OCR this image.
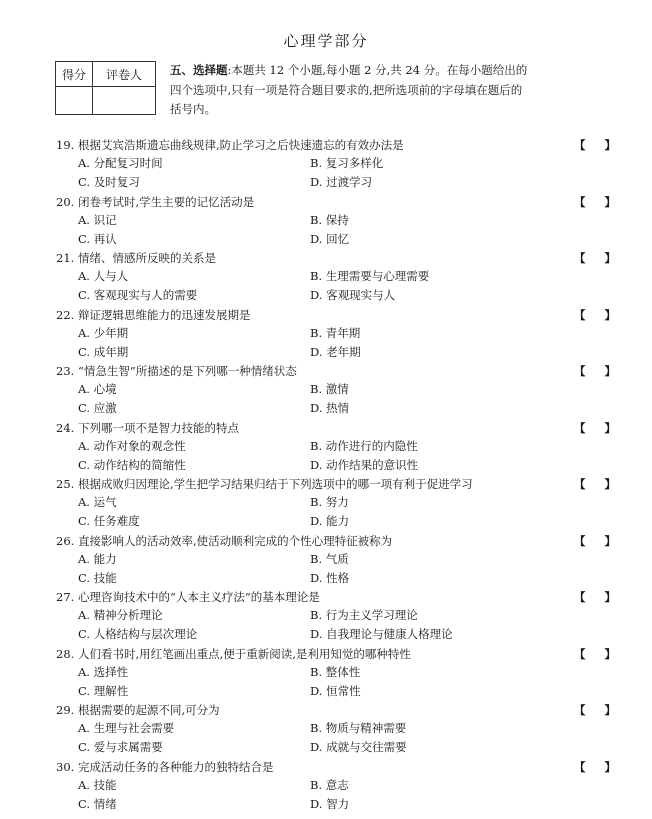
心理学部分
得分	评卷人
	五、选择题:本题共 12 个小题,每小题 2 分,共 24 分。在每小题给出的四个选项中,只有一项是符合题目要求的,把所选项前的字母填在题后的括号内。
19. 根据艾宾浩斯遗忘曲线规律,防止学习之后快速遗忘的有效办法是	【 】
A. 分配复习时间	B. 复习多样化
C. 及时复习	D. 过渡学习
20. 闭卷考试时,学生主要的记忆活动是	【 】
A. 识记	B. 保持
C. 再认	D. 回忆
21. 情绪、情感所反映的关系是	【 】
A. 人与人	B. 生理需要与心理需要
C. 客观现实与人的需要	D. 客观现实与人
22. 辩证逻辑思维能力的迅速发展期是	【 】
A. 少年期	B. 青年期
C. 成年期	D. 老年期
23. “情急生智”所描述的是下列哪一种情绪状态	【 】
A. 心境	B. 激情
C. 应激	D. 热情
24. 下列哪一项不是智力技能的特点	【 】
A. 动作对象的观念性	B. 动作进行的内隐性
C. 动作结构的简缩性	D. 动作结果的意识性
25. 根据成败归因理论,学生把学习结果归结于下列选项中的哪一项有利于促进学习	【 】
A. 运气	B. 努力
C. 任务难度	D. 能力
26. 直接影响人的活动效率,使活动顺利完成的个性心理特征被称为	【 】
A. 能力	B. 气质
C. 技能	D. 性格
27. 心理咨询技术中的“人本主义疗法”的基本理论是	【 】
A. 精神分析理论	B. 行为主义学习理论
C. 人格结构与层次理论	D. 自我理论与健康人格理论
28. 人们看书时,用红笔画出重点,便于重新阅读,是利用知觉的哪种特性	【 】
A. 选择性	B. 整体性
C. 理解性	D. 恒常性
29. 根据需要的起源不同,可分为	【 】
A. 生理与社会需要	B. 物质与精神需要
C. 爱与求属需要	D. 成就与交往需要
30. 完成活动任务的各种能力的独特结合是	【 】
A. 技能	B. 意志
C. 情绪	D. 智力
